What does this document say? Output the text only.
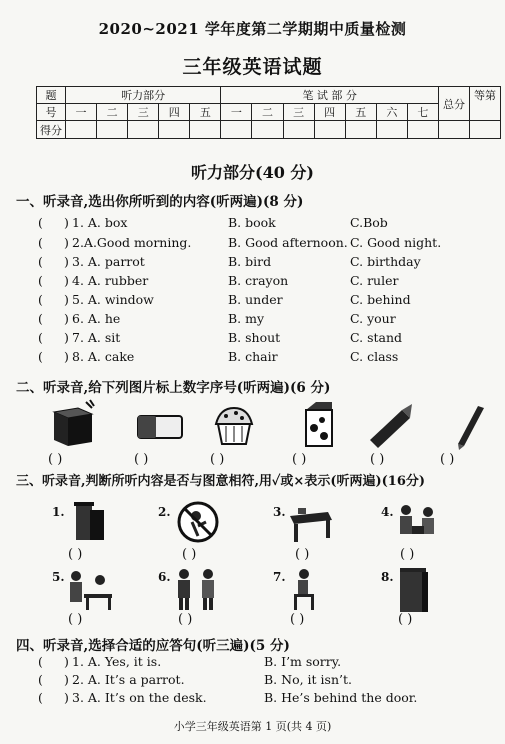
2020~2021 学年度第二学期期中质量检测
三年级英语试题
题	听力部分					笔 试 部 分							总分	等第
号	一	二	三	四	五	一	二	三	四	五	六	七		
得分														
听力部分(40 分)
一、听录音,选出你所听到的内容(听两遍)(8 分)
( ) 1. A. box	B. book	C.Bob
( ) 2.A.Good morning.	B. Good afternoon. C. Good night.
( ) 3. A. parrot	B. bird	C. birthday
( ) 4. A. rubber	B. crayon	C. ruler
( ) 5. A. window	B. under	C. behind
( ) 6. A. he	B. my	C. your
( ) 7. A. sit	B. shout	C. stand
( ) 8. A. cake	B. chair	C. class
二、听录音,给下列图片标上数字序号(听两遍)(6 分)
( )	( )	( )	( )	( )	( )
三、听录音,判断所听内容是否与图意相符,用✓或×表示(听两遍)(16分)
1.	2.	3.	4.
( )	( )	( )	( )
5.	6.	7.	8.
( )	( )	( )	( )
四、听录音,选择合适的应答句(听三遍)(5 分)
( ) 1. A. Yes, it is.	B. I’m sorry.
( ) 2. A. It’s a parrot.	B. No, it isn’t.
( ) 3. A. It’s on the desk.	B. He’s behind the door.
小学三年级英语第 1 页(共 4 页)
